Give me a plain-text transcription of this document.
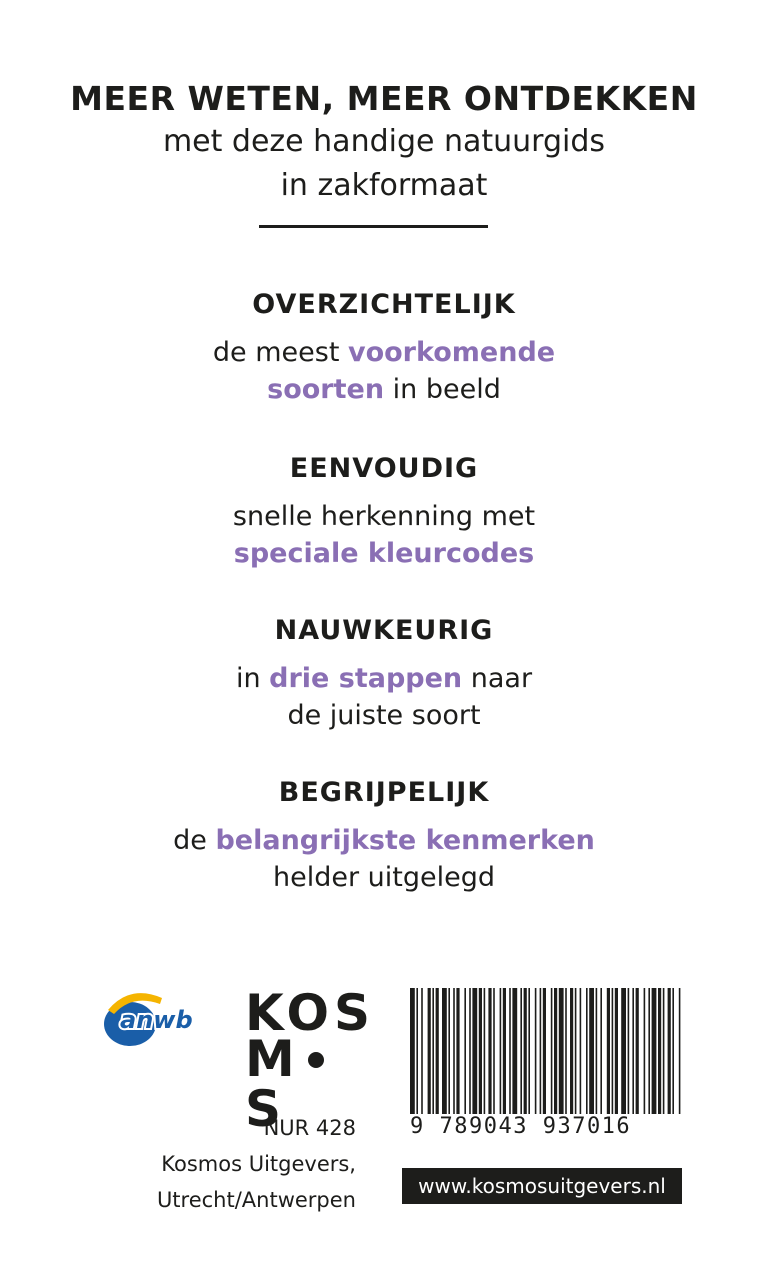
MEER WETEN, MEER ONTDEKKEN
met deze handige natuurgids
in zakformaat
OVERZICHTELIJK
de meest voorkomende
soorten in beeld
EENVOUDIG
snelle herkenning met
speciale kleurcodes
NAUWKEURIG
in drie stappen naar
de juiste soort
BEGRIJPELIJK
de belangrijkste kenmerken
helder uitgelegd
anwb KOS
MS
NUR 428
Kosmos Uitgevers,
Utrecht/Antwerpen
9 789043 937016
www.kosmosuitgevers.nl
